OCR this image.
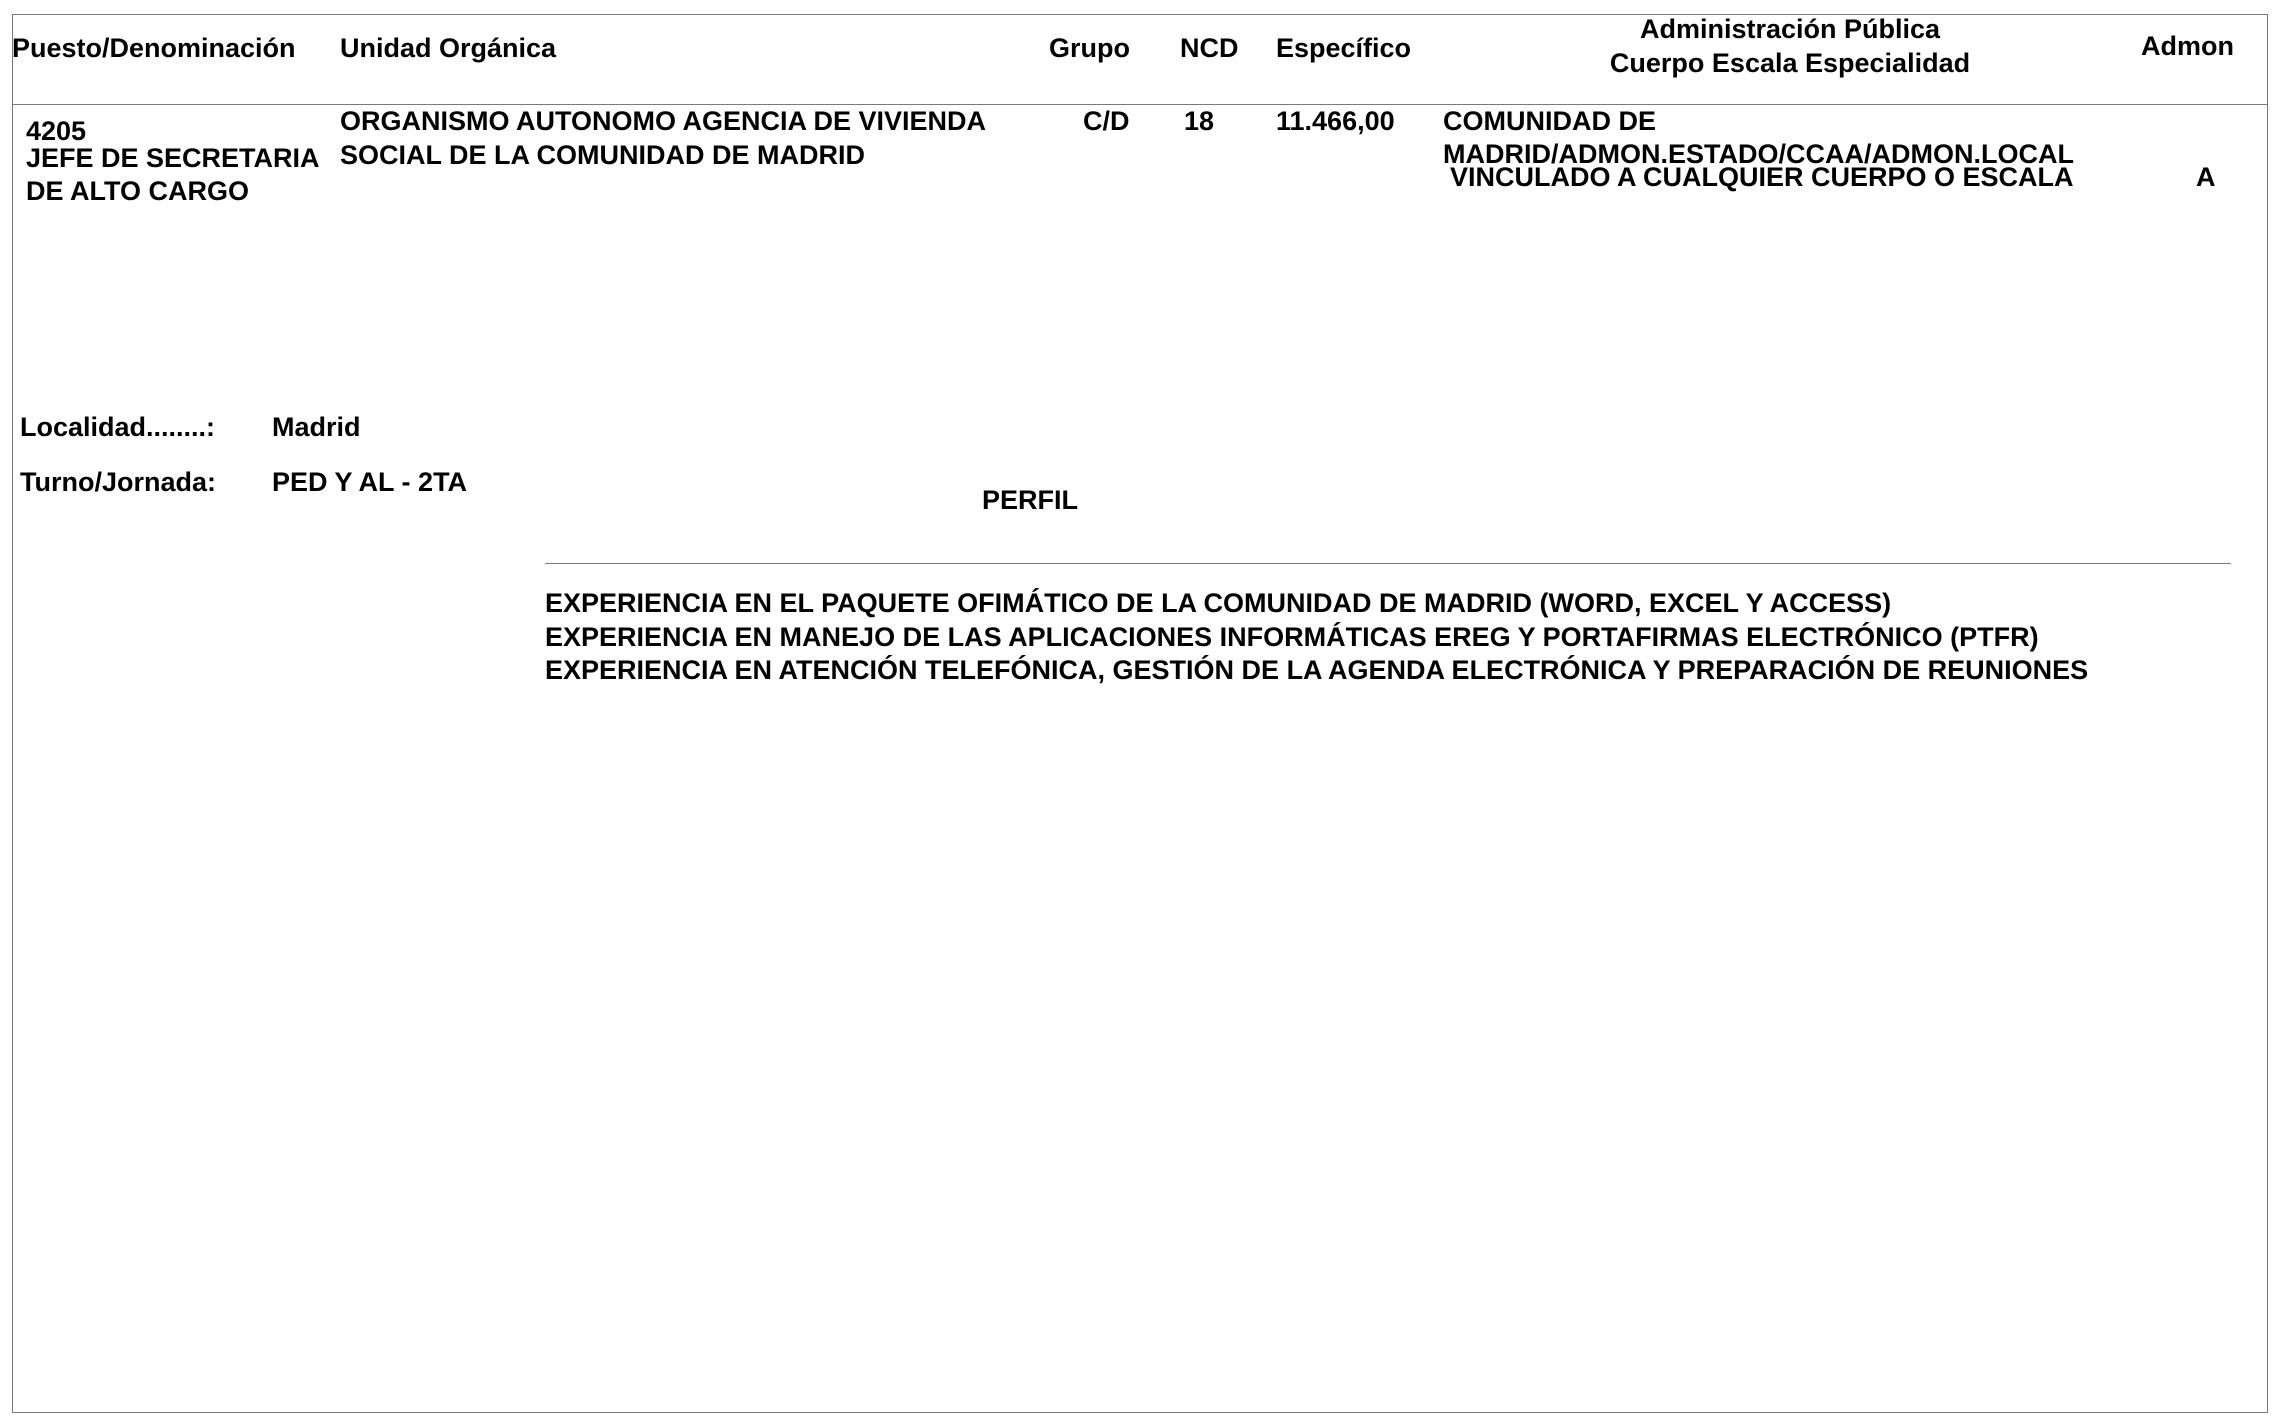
Puesto/Denominación Unidad Orgánica	Grupo NCD Específico
Administración Pública
Cuerpo Escala Especialidad
Admon
4205
JEFE DE SECRETARIA
DE ALTO CARGO
ORGANISMO AUTONOMO AGENCIA DE VIVIENDA
SOCIAL DE LA COMUNIDAD DE MADRID
C/D 18 11.466,00 COMUNIDAD DE
MADRID/ADMON.ESTADO/CCAA/ADMON.LOCAL
VINCULADO A CUALQUIER CUERPO O ESCALA	A
Localidad........: Madrid
Turno/Jornada: PED Y AL - 2TA
PERFIL
EXPERIENCIA EN EL PAQUETE OFIMÁTICO DE LA COMUNIDAD DE MADRID (WORD, EXCEL Y ACCESS)
EXPERIENCIA EN MANEJO DE LAS APLICACIONES INFORMÁTICAS EREG Y PORTAFIRMAS ELECTRÓNICO (PTFR)
EXPERIENCIA EN ATENCIÓN TELEFÓNICA, GESTIÓN DE LA AGENDA ELECTRÓNICA Y PREPARACIÓN DE REUNIONES
